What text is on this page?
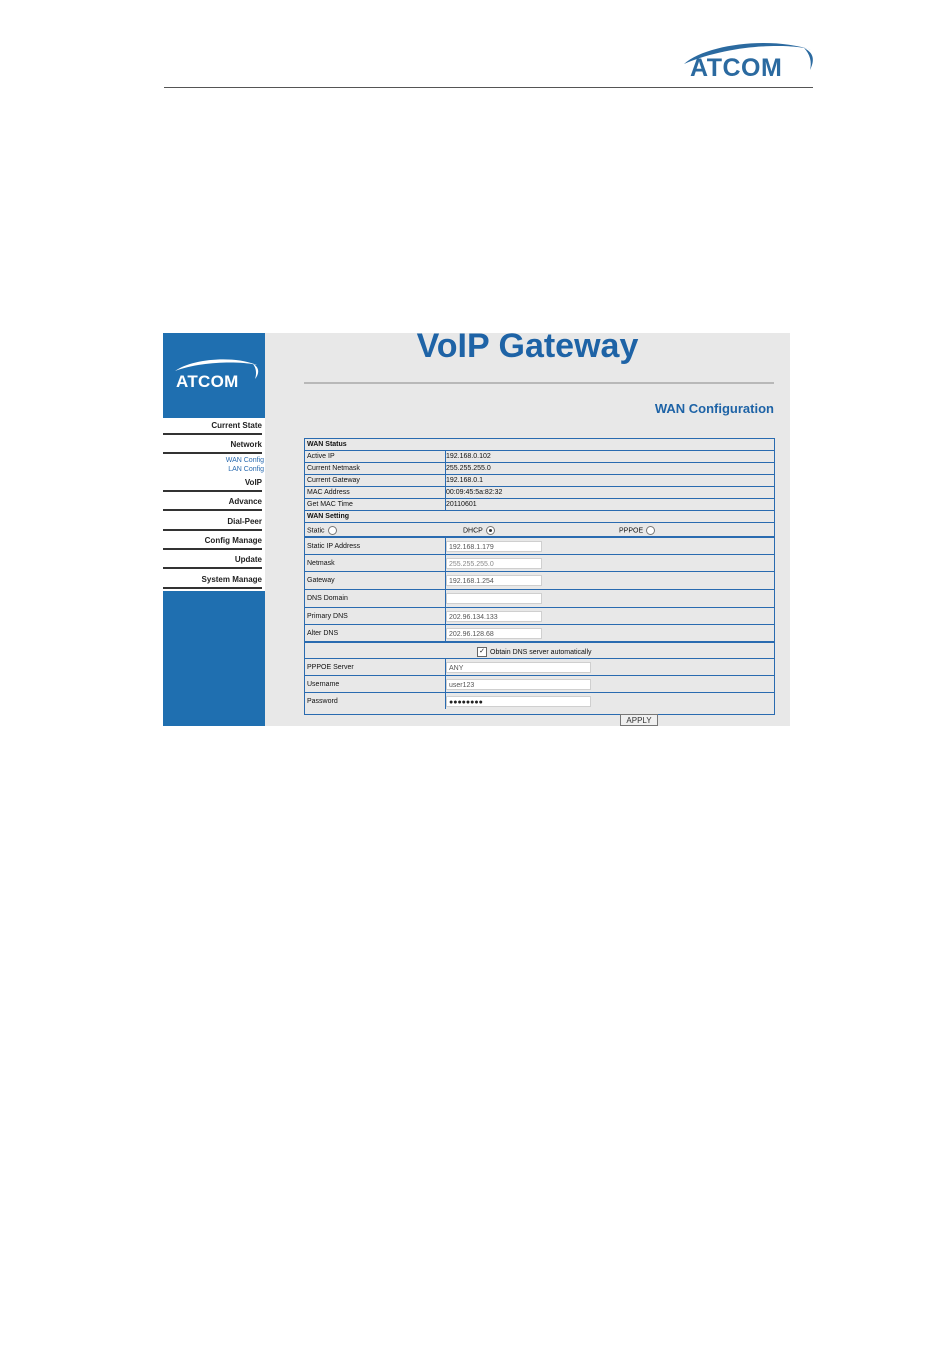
ATCOM
ATCOM
Current State
Network
WAN Config
LAN Config
VoIP
Advance
Dial-Peer
Config Manage
Update
System Manage
VoIP Gateway
WAN Configuration
WAN Status
Active IP	192.168.0.102
Current Netmask	255.255.255.0
Current Gateway	192.168.0.1
MAC Address	00:09:45:5a:82:32
Get MAC Time	20110601
WAN Setting
Static	DHCP	PPPOE
Static IP Address	192.168.1.179
Netmask	255.255.255.0
Gateway	192.168.1.254
DNS Domain
Primary DNS	202.96.134.133
Alter DNS	202.96.128.68
✓ Obtain DNS server automatically
PPPOE Server	ANY
Username	user123
Password	●●●●●●●●
APPLY
